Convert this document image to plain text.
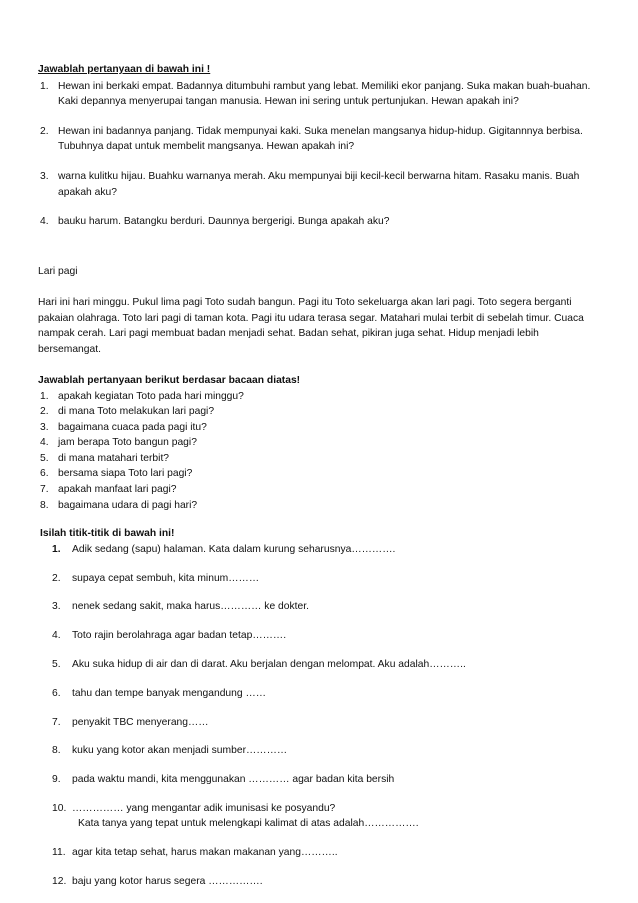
Jawablah pertanyaan di bawah ini !
1. Hewan ini berkaki empat. Badannya ditumbuhi rambut yang lebat. Memiliki ekor panjang. Suka makan buah-buahan. Kaki depannya menyerupai tangan manusia. Hewan ini sering untuk pertunjukan. Hewan apakah ini?
2. Hewan ini badannya panjang. Tidak mempunyai kaki. Suka menelan mangsanya hidup-hidup. Gigitannnya berbisa. Tubuhnya dapat untuk membelit mangsanya. Hewan apakah ini?
3. warna kulitku hijau. Buahku warnanya merah. Aku mempunyai biji kecil-kecil berwarna hitam. Rasaku manis. Buah apakah aku?
4. bauku harum. Batangku berduri. Daunnya bergerigi. Bunga apakah aku?

Lari pagi

Hari ini hari minggu. Pukul lima pagi Toto sudah bangun. Pagi itu Toto sekeluarga akan lari pagi. Toto segera berganti pakaian olahraga. Toto lari pagi di taman kota. Pagi itu udara terasa segar. Matahari mulai terbit di sebelah timur. Cuaca nampak cerah. Lari pagi membuat badan menjadi sehat. Badan sehat, pikiran juga sehat. Hidup menjadi lebih bersemangat.

Jawablah pertanyaan berikut berdasar bacaan diatas!
1. apakah kegiatan Toto pada hari minggu?
2. di mana Toto melakukan lari pagi?
3. bagaimana cuaca pada pagi itu?
4. jam berapa Toto bangun pagi?
5. di mana matahari terbit?
6. bersama siapa Toto lari pagi?
7. apakah manfaat lari pagi?
8. bagaimana udara di pagi hari?
Isilah titik-titik di bawah ini!
1.	Adik sedang (sapu) halaman. Kata dalam kurung seharusnya………….
2.	supaya cepat sembuh, kita minum………
3.	nenek sedang sakit, maka harus………… ke dokter.
4.	Toto rajin berolahraga agar badan tetap……….
5.	Aku suka hidup di air dan di darat. Aku berjalan dengan melompat. Aku adalah………..
6.	tahu dan tempe banyak mengandung ……
7.	penyakit TBC menyerang……
8.	kuku yang kotor akan menjadi sumber…………
9.	pada waktu mandi, kita menggunakan ………… agar badan kita bersih
10. …………… yang mengantar adik imunisasi ke posyandu?
Kata tanya yang tepat untuk melengkapi kalimat di atas adalah…………….
11. agar kita tetap sehat, harus makan makanan yang………..
12. baju yang kotor harus segera …………….
